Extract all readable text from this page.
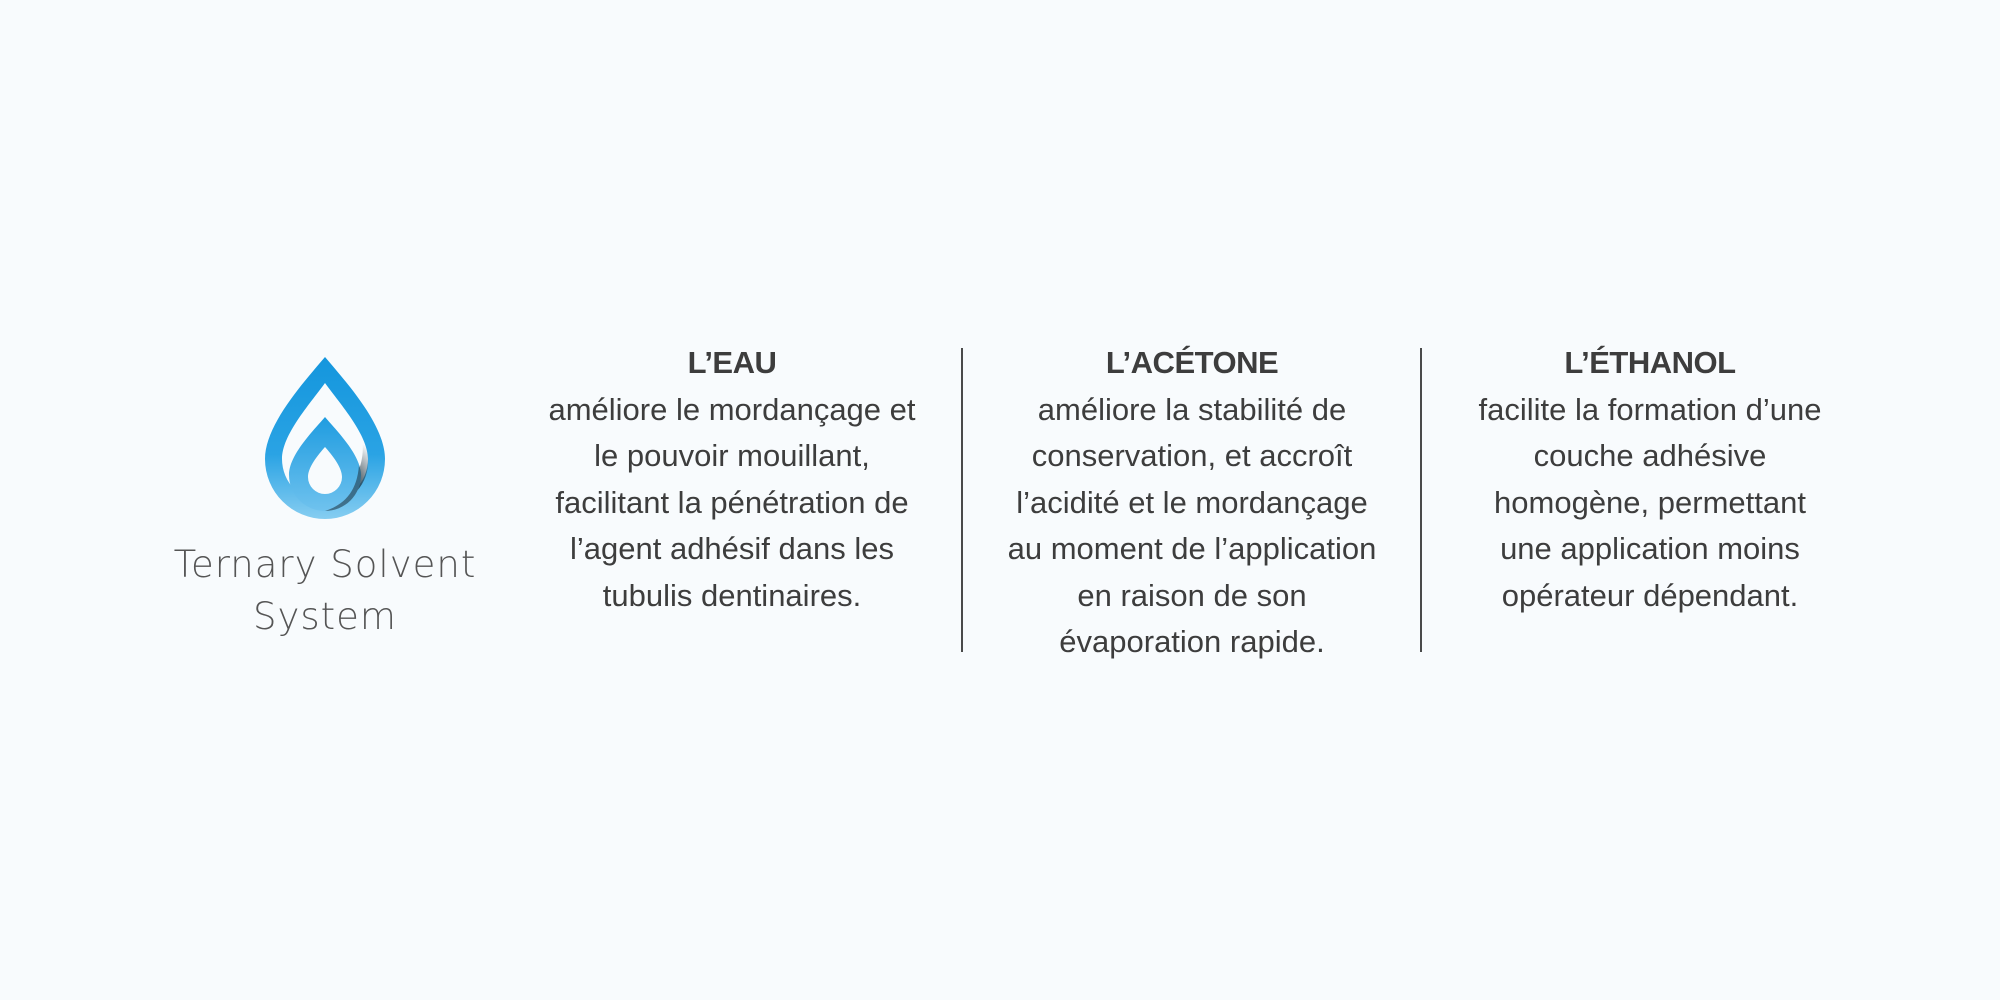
Ternary Solvent System
L’EAU
améliore le mordançage et le pouvoir mouillant, facilitant la pénétration de l’agent adhésif dans les tubulis dentinaires.
L’ACÉTONE
améliore la stabilité de conservation, et accroît l’acidité et le mordançage au moment de l’application en raison de son évaporation rapide.
L’ÉTHANOL
facilite la formation d’une couche adhésive homogène, permettant une application moins opérateur dépendant.
